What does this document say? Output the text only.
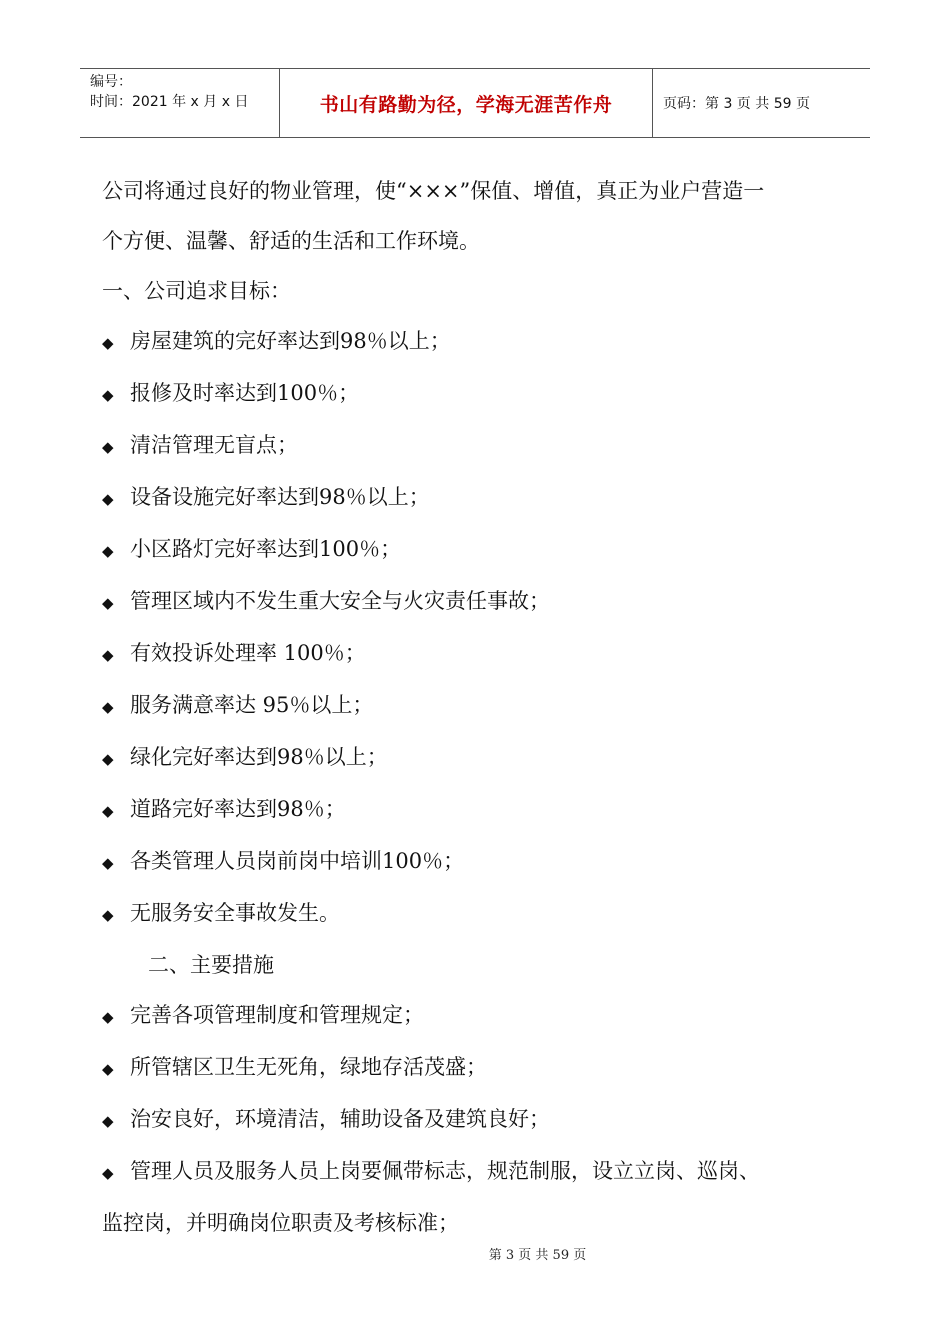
编号：
时间：2021 年 x 月 x 日	书山有路勤为径，学海无涯苦作舟	页码：第 3 页 共 59 页

公司将通过良好的物业管理，使“×××”保值、增值，真正为业户营造一

个方便、温馨、舒适的生活和工作环境。

一、公司追求目标：

◆ 房屋建筑的完好率达到98％以上；
◆ 报修及时率达到100％；
◆ 清洁管理无盲点；
◆ 设备设施完好率达到98％以上；
◆ 小区路灯完好率达到100％；
◆ 管理区域内不发生重大安全与火灾责任事故；
◆ 有效投诉处理率 100％；
◆ 服务满意率达 95％以上；
◆ 绿化完好率达到98％以上；
◆ 道路完好率达到98％；
◆ 各类管理人员岗前岗中培训100％；
◆ 无服务安全事故发生。

二、主要措施

◆ 完善各项管理制度和管理规定；
◆ 所管辖区卫生无死角，绿地存活茂盛；
◆ 治安良好，环境清洁，辅助设备及建筑良好；
◆ 管理人员及服务人员上岗要佩带标志，规范制服，设立立岗、巡岗、

监控岗，并明确岗位职责及考核标准；

第 3 页 共 59 页
